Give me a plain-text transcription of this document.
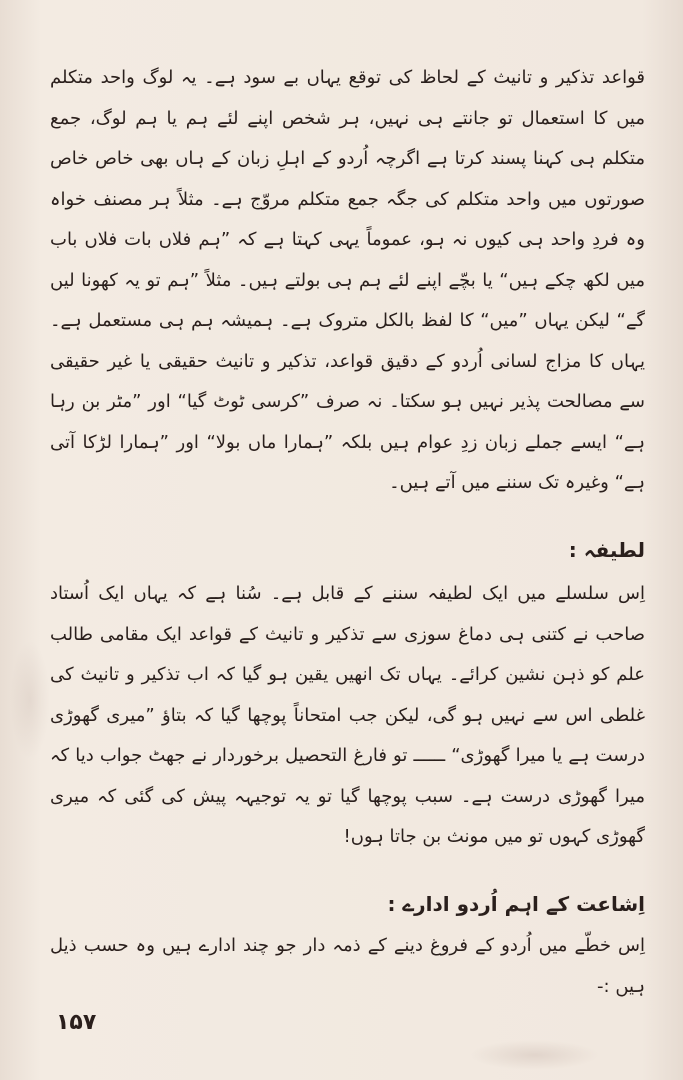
قواعد تذکیر و تانیث کے لحاظ کی توقع یہاں بے سود ہے۔ یہ لوگ واحد متکلم میں کا استعمال تو جانتے ہی نہیں، ہر شخص اپنے لئے ہم یا ہم لوگ، جمع متکلم ہی کہنا پسند کرتا ہے اگرچہ اُردو کے اہلِ زبان کے ہاں بھی خاص خاص صورتوں میں واحد متکلم کی جگہ جمع متکلم مروّج ہے۔ مثلاً ہر مصنف خواہ وہ فردِ واحد ہی کیوں نہ ہو، عموماً یہی کہتا ہے کہ ”ہم فلاں بات فلاں باب میں لکھ چکے ہیں“ یا بچّے اپنے لئے ہم ہی بولتے ہیں۔ مثلاً ”ہم تو یہ کھونا لیں گے“ لیکن یہاں ”میں“ کا لفظ بالکل متروک ہے۔ ہمیشہ ہم ہی مستعمل ہے۔ یہاں کا مزاج لسانی اُردو کے دقیق قواعد، تذکیر و تانیث حقیقی یا غیر حقیقی سے مصالحت پذیر نہیں ہو سکتا۔ نہ صرف ”کرسی ٹوٹ گیا“ اور ”مٹر بن رہا ہے“ ایسے جملے زبان زدِ عوام ہیں بلکہ ”ہمارا ماں بولا“ اور ”ہمارا لڑکا آتی ہے“ وغیرہ تک سننے میں آتے ہیں۔

لطیفہ :

اِس سلسلے میں ایک لطیفہ سننے کے قابل ہے۔ سُنا ہے کہ یہاں ایک اُستاد صاحب نے کتنی ہی دماغ سوزی سے تذکیر و تانیث کے قواعد ایک مقامی طالب علم کو ذہن نشین کرائے۔ یہاں تک انھیں یقین ہو گیا کہ اب تذکیر و تانیث کی غلطی اس سے نہیں ہو گی، لیکن جب امتحاناً پوچھا گیا کہ بتاؤ ”میری گھوڑی درست ہے یا میرا گھوڑی“ ــــــ تو فارغ التحصیل برخوردار نے جھٹ جواب دیا کہ میرا گھوڑی درست ہے۔ سبب پوچھا گیا تو یہ توجیہہ پیش کی گئی کہ میری گھوڑی کہوں تو میں مونث بن جاتا ہوں!

اِشاعت کے اہم اُردو ادارے :

اِس خطّے میں اُردو کے فروغ دینے کے ذمہ دار جو چند ادارے ہیں وہ حسب ذیل ہیں :-

۱۵۷
